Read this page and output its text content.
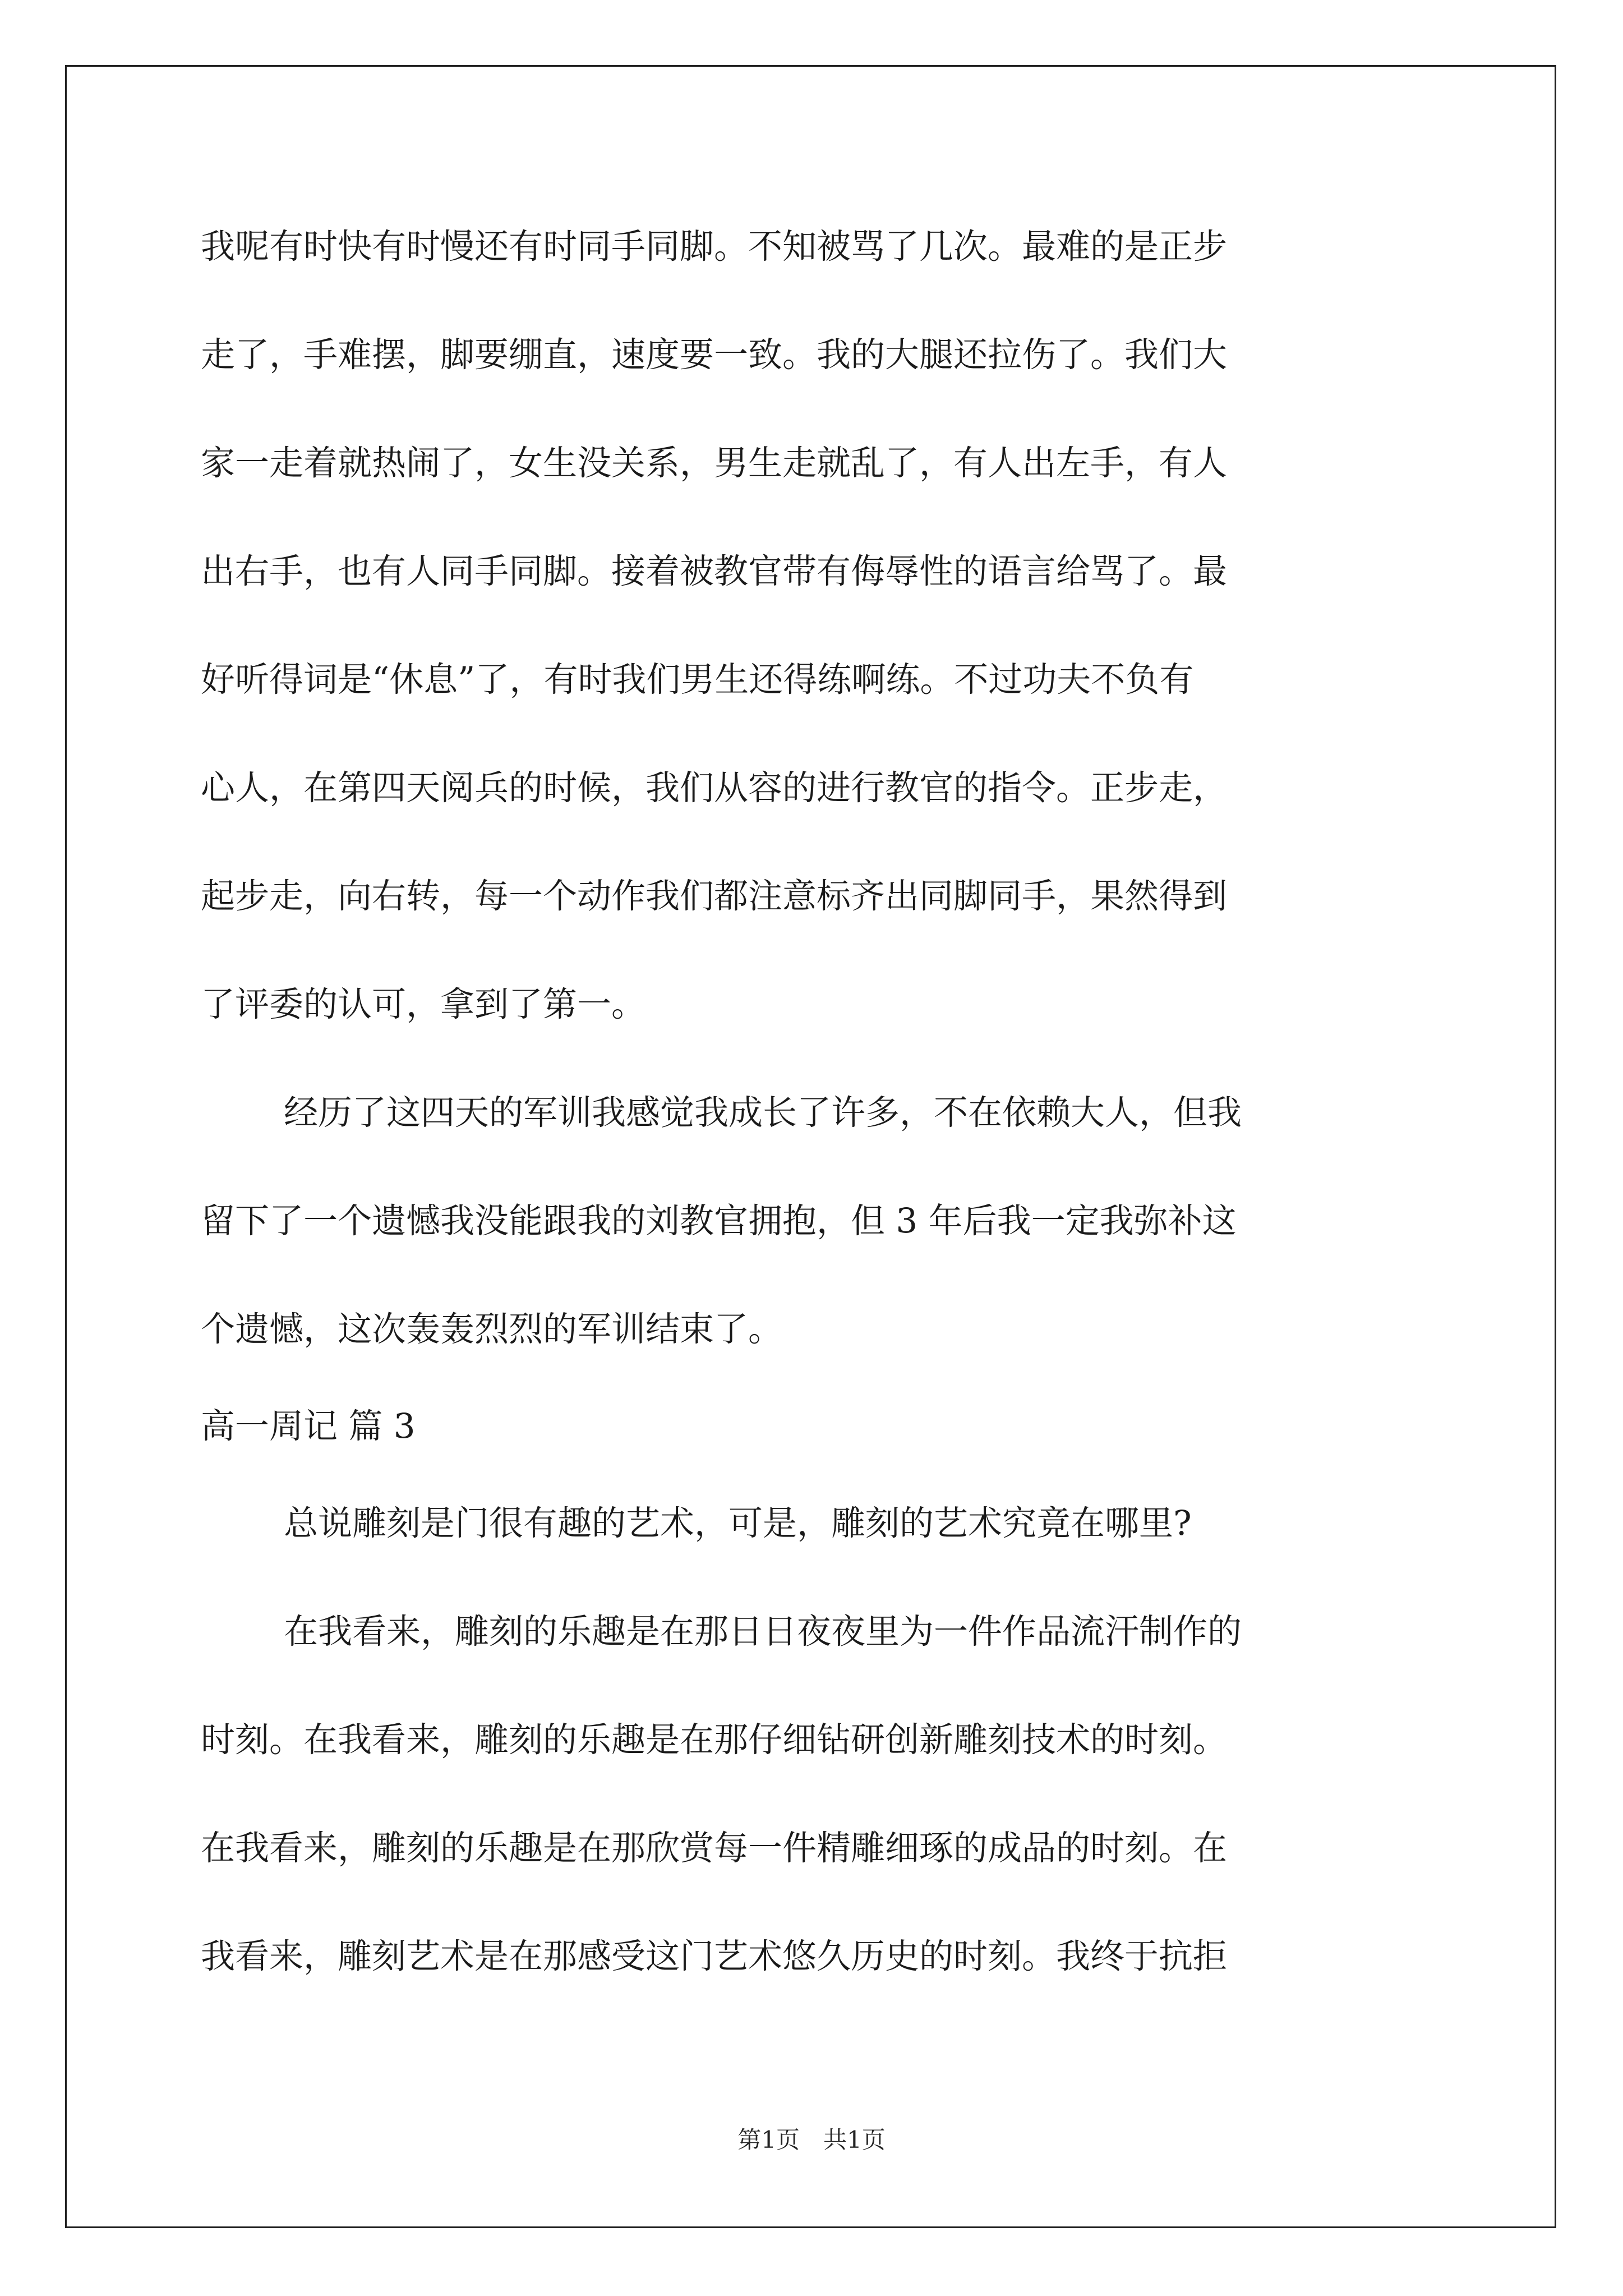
我呢有时快有时慢还有时同手同脚。不知被骂了几次。最难的是正步
走了，手难摆，脚要绷直，速度要一致。我的大腿还拉伤了。我们大
家一走着就热闹了，女生没关系，男生走就乱了，有人出左手，有人
出右手，也有人同手同脚。接着被教官带有侮辱性的语言给骂了。最
好听得词是“休息”了，有时我们男生还得练啊练。不过功夫不负有
心人，在第四天阅兵的时候，我们从容的进行教官的指令。正步走，
起步走，向右转，每一个动作我们都注意标齐出同脚同手，果然得到
了评委的认可，拿到了第一。
经历了这四天的军训我感觉我成长了许多，不在依赖大人，但我
留下了一个遗憾我没能跟我的刘教官拥抱，但 3 年后我一定我弥补这
个遗憾，这次轰轰烈烈的军训结束了。
高一周记 篇 3
总说雕刻是门很有趣的艺术，可是，雕刻的艺术究竟在哪里?
在我看来，雕刻的乐趣是在那日日夜夜里为一件作品流汗制作的
时刻。在我看来，雕刻的乐趣是在那仔细钻研创新雕刻技术的时刻。
在我看来，雕刻的乐趣是在那欣赏每一件精雕细琢的成品的时刻。在
我看来，雕刻艺术是在那感受这门艺术悠久历史的时刻。我终于抗拒
第1页　共1页
